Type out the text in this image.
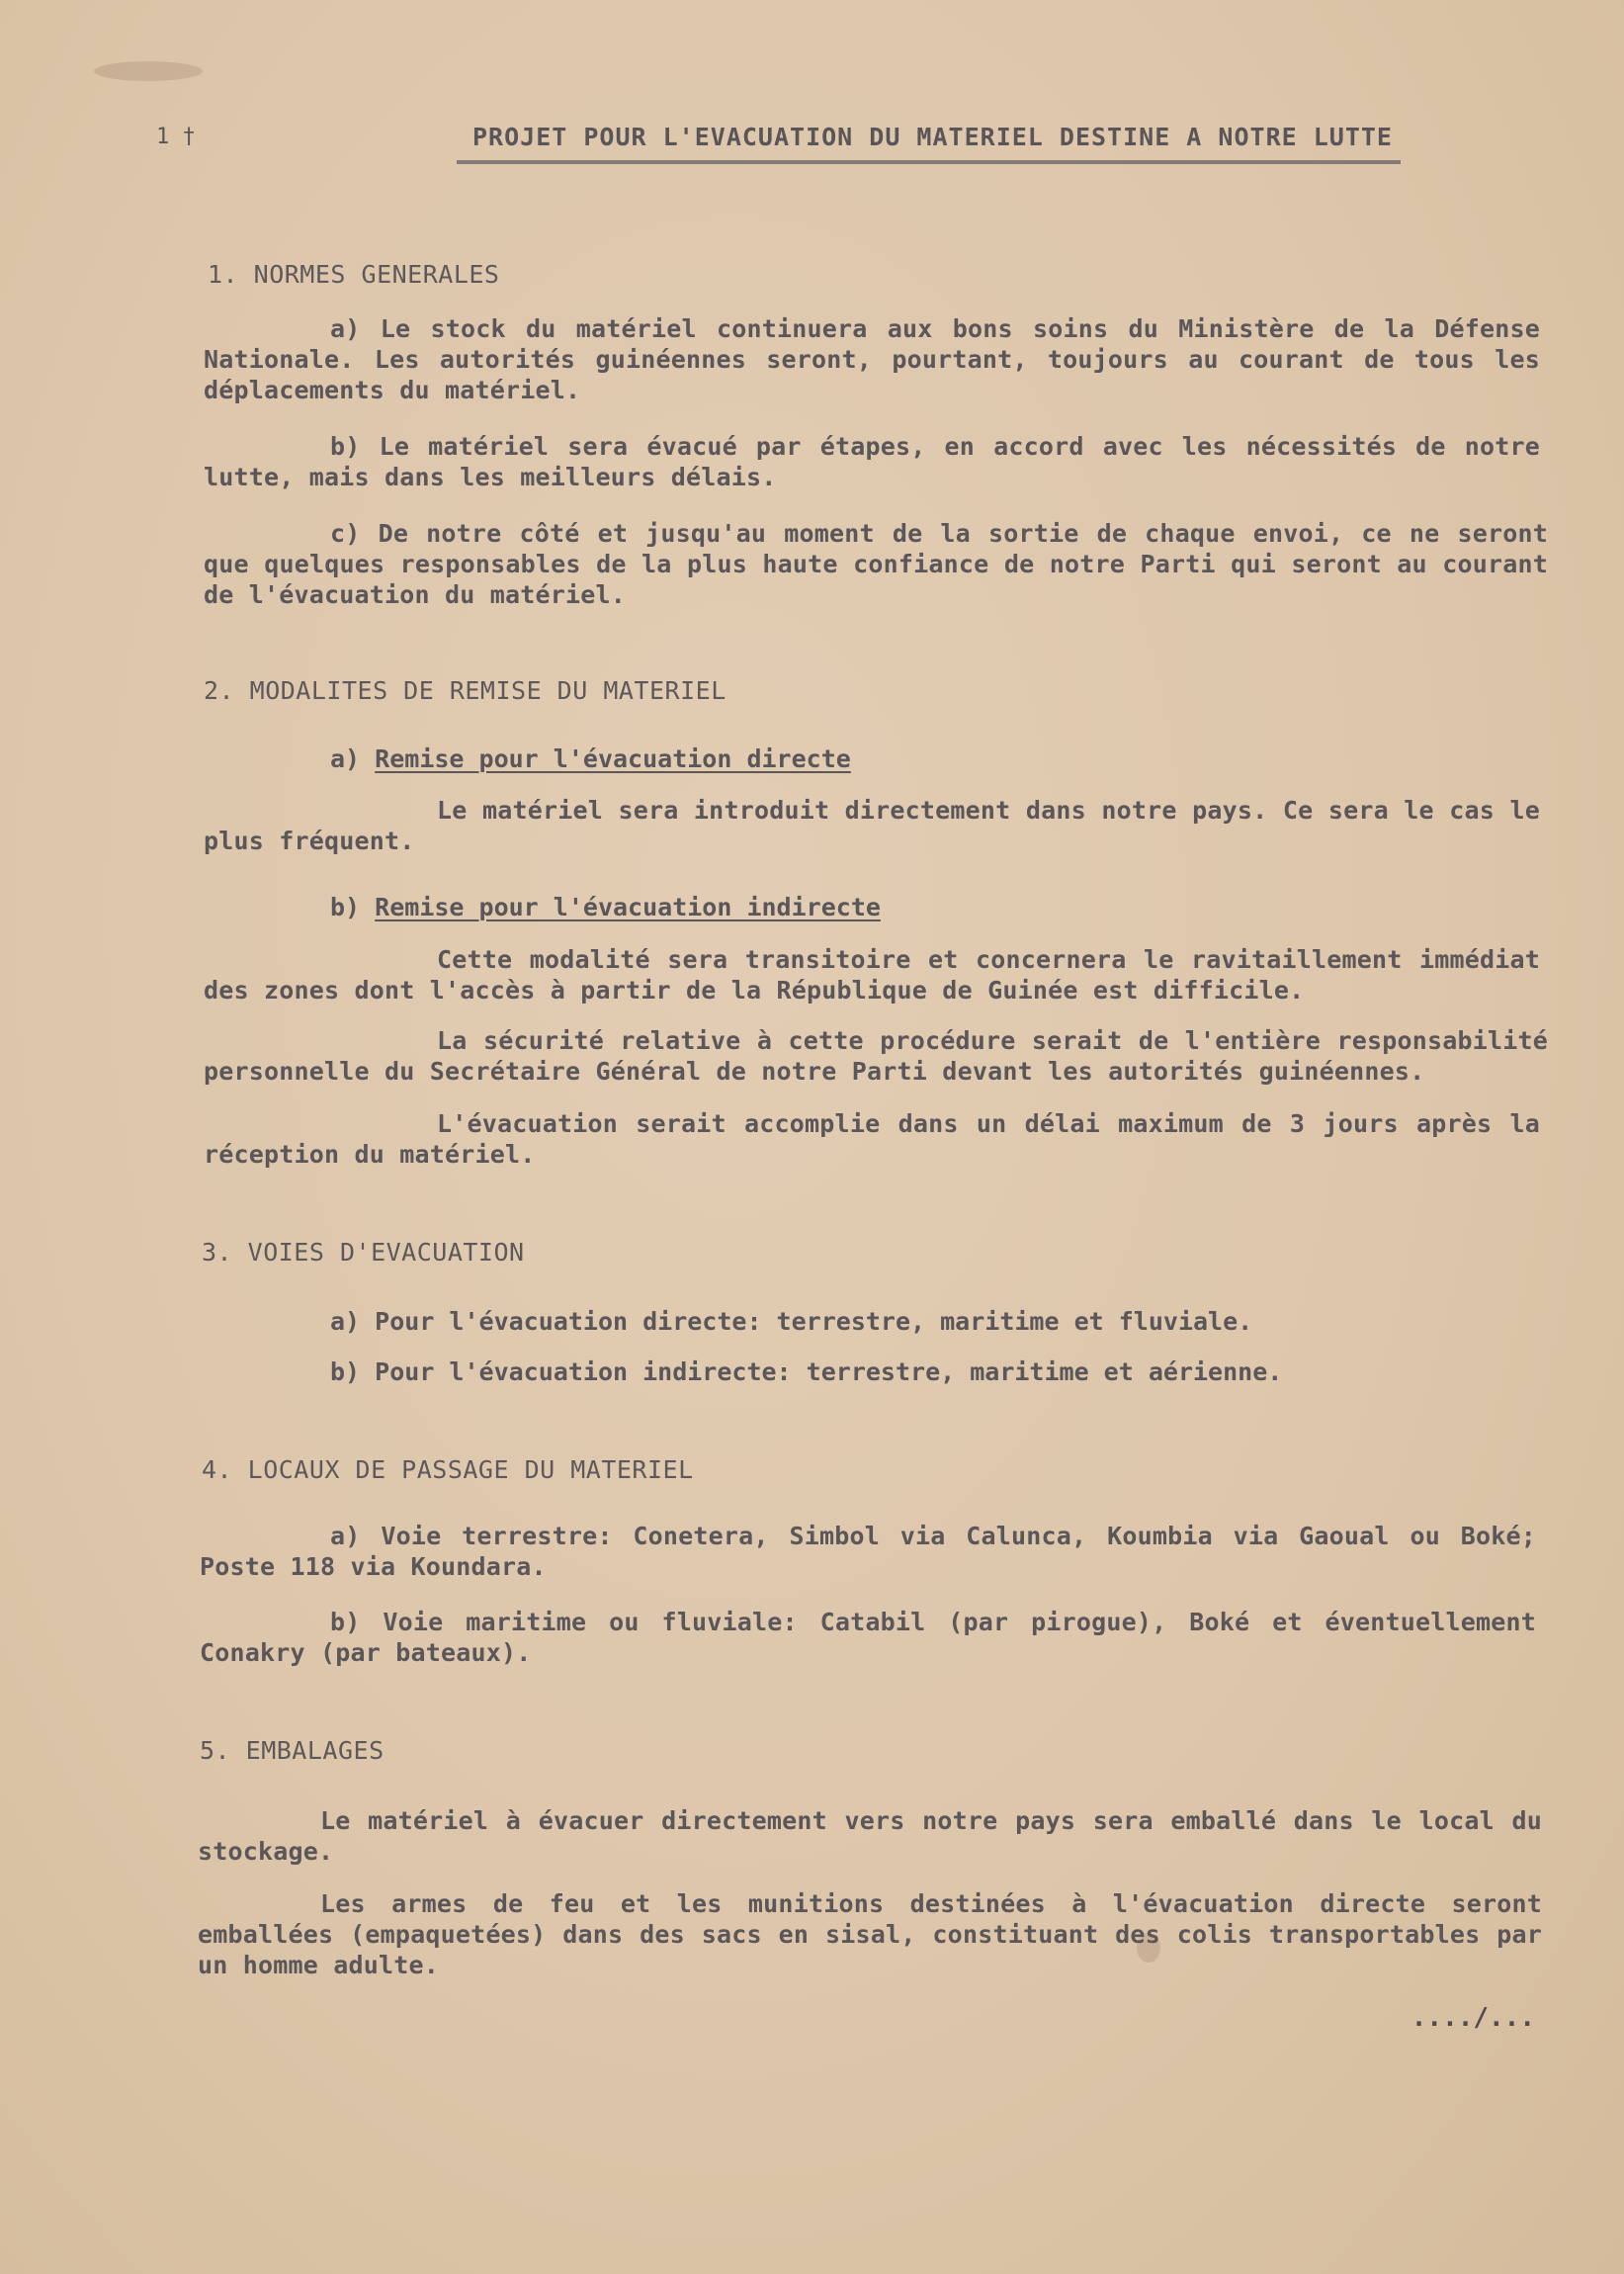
1 †	PROJET POUR L'EVACUATION DU MATERIEL DESTINE A NOTRE LUTTE
1. NORMES GENERALES
a) Le stock du matériel continuera aux bons soins du Ministère de la Défense Nationale. Les autorités guinéennes seront, pourtant, toujours au courant de tous les déplacements du matériel.
b) Le matériel sera évacué par étapes, en accord avec les nécessités de notre lutte, mais dans les meilleurs délais.
c) De notre côté et jusqu'au moment de la sortie de chaque envoi, ce ne seront que quelques responsables de la plus haute confiance de notre Parti qui seront au courant de l'évacuation du matériel.
2. MODALITES DE REMISE DU MATERIEL
a) Remise pour l'évacuation directe
Le matériel sera introduit directement dans notre pays. Ce sera le cas le plus fréquent.
b) Remise pour l'évacuation indirecte
Cette modalité sera transitoire et concernera le ravitaillement immédiat des zones dont l'accès à partir de la République de Guinée est difficile.
La sécurité relative à cette procédure serait de l'entière responsabilité personnelle du Secrétaire Général de notre Parti devant les autorités guinéennes.
L'évacuation serait accomplie dans un délai maximum de 3 jours après la réception du matériel.
3. VOIES D'EVACUATION
a) Pour l'évacuation directe: terrestre, maritime et fluviale.
b) Pour l'évacuation indirecte: terrestre, maritime et aérienne.
4. LOCAUX DE PASSAGE DU MATERIEL
a) Voie terrestre: Conetera, Simbol via Calunca, Koumbia via Gaoual ou Boké; Poste 118 via Koundara.
b) Voie maritime ou fluviale: Catabil (par pirogue), Boké et éventuellement Conakry (par bateaux).
5. EMBALAGES
Le matériel à évacuer directement vers notre pays sera emballé dans le local du stockage.
Les armes de feu et les munitions destinées à l'évacuation directe seront emballées (empaquetées) dans des sacs en sisal, constituant des colis transportables par un homme adulte.
..../...
